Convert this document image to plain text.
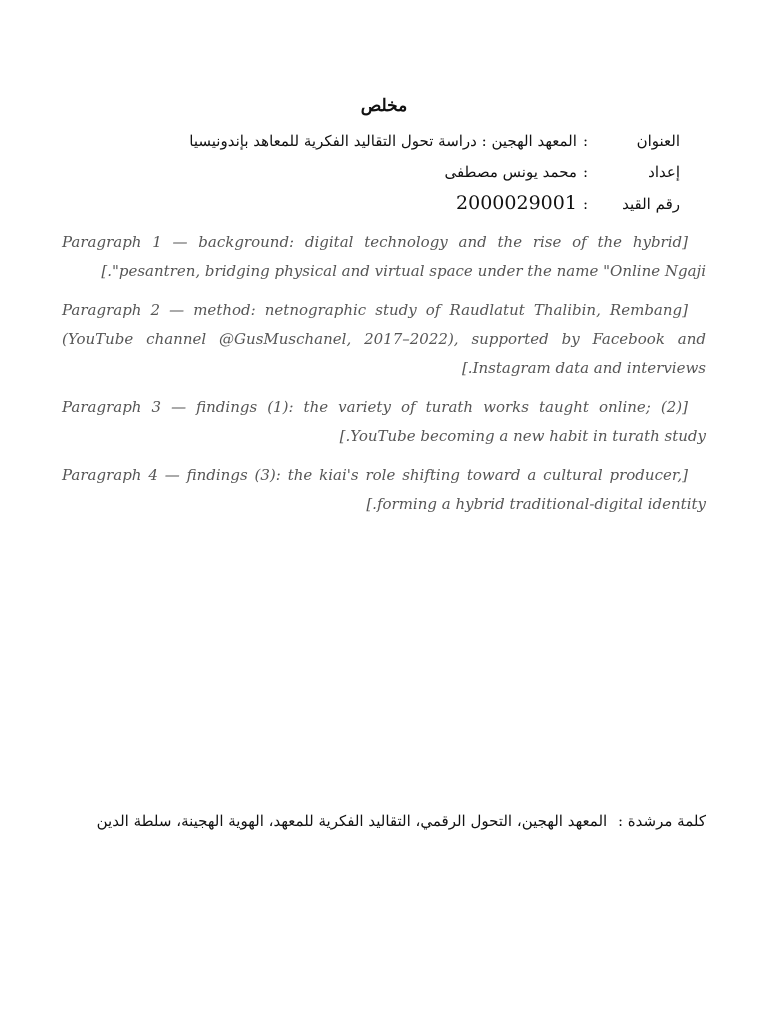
مخلص
العنوان
:
المعهد الهجين : دراسة تحول التقاليد الفكرية للمعاهد بإندونيسيا
إعداد
:
محمد يونس مصطفى
رقم القيد
:
2000029001

[Paragraph 1 — background: digital technology and the rise of the hybrid pesantren, bridging physical and virtual space under the name "Online Ngaji".]

[Paragraph 2 — method: netnographic study of Raudlatut Thalibin, Rembang (YouTube channel @GusMuschanel, 2017–2022), supported by Facebook and Instagram data and interviews.]

[Paragraph 3 — findings (1): the variety of turath works taught online; (2) YouTube becoming a new habit in turath study.]

[Paragraph 4 — findings (3): the kiai's role shifting toward a cultural producer, forming a hybrid traditional-digital identity.]

كلمة مرشدة : المعهد الهجين، التحول الرقمي، التقاليد الفكرية للمعهد، الهوية الهجينة، سلطة الدين
